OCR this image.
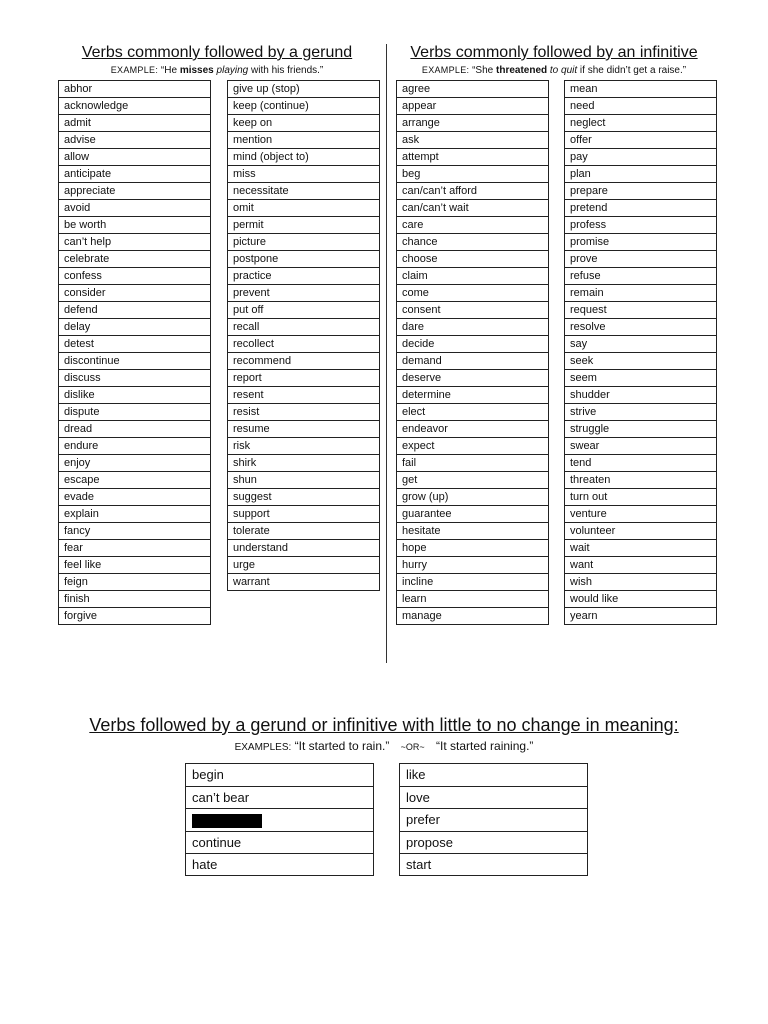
Verbs commonly followed by a gerund
EXAMPLE: “He misses playing with his friends.”
Verbs commonly followed by an infinitive
EXAMPLE: “She threatened to quit if she didn’t get a raise.”
abhor
acknowledge
admit
advise
allow
anticipate
appreciate
avoid
be worth
can’t help
celebrate
confess
consider
defend
delay
detest
discontinue
discuss
dislike
dispute
dread
endure
enjoy
escape
evade
explain
fancy
fear
feel like
feign
finish
forgive
give up (stop)
keep (continue)
keep on
mention
mind (object to)
miss
necessitate
omit
permit
picture
postpone
practice
prevent
put off
recall
recollect
recommend
report
resent
resist
resume
risk
shirk
shun
suggest
support
tolerate
understand
urge
warrant
agree
appear
arrange
ask
attempt
beg
can/can’t afford
can/can’t wait
care
chance
choose
claim
come
consent
dare
decide
demand
deserve
determine
elect
endeavor
expect
fail
get
grow (up)
guarantee
hesitate
hope
hurry
incline
learn
manage
mean
need
neglect
offer
pay
plan
prepare
pretend
profess
promise
prove
refuse
remain
request
resolve
say
seek
seem
shudder
strive
struggle
swear
tend
threaten
turn out
venture
volunteer
wait
want
wish
would like
yearn
Verbs followed by a gerund or infinitive with little to no change in meaning:
EXAMPLES: “It started to rain.” ~OR~ “It started raining.”
begin
can’t bear
continue
hate
like
love
prefer
propose
start
